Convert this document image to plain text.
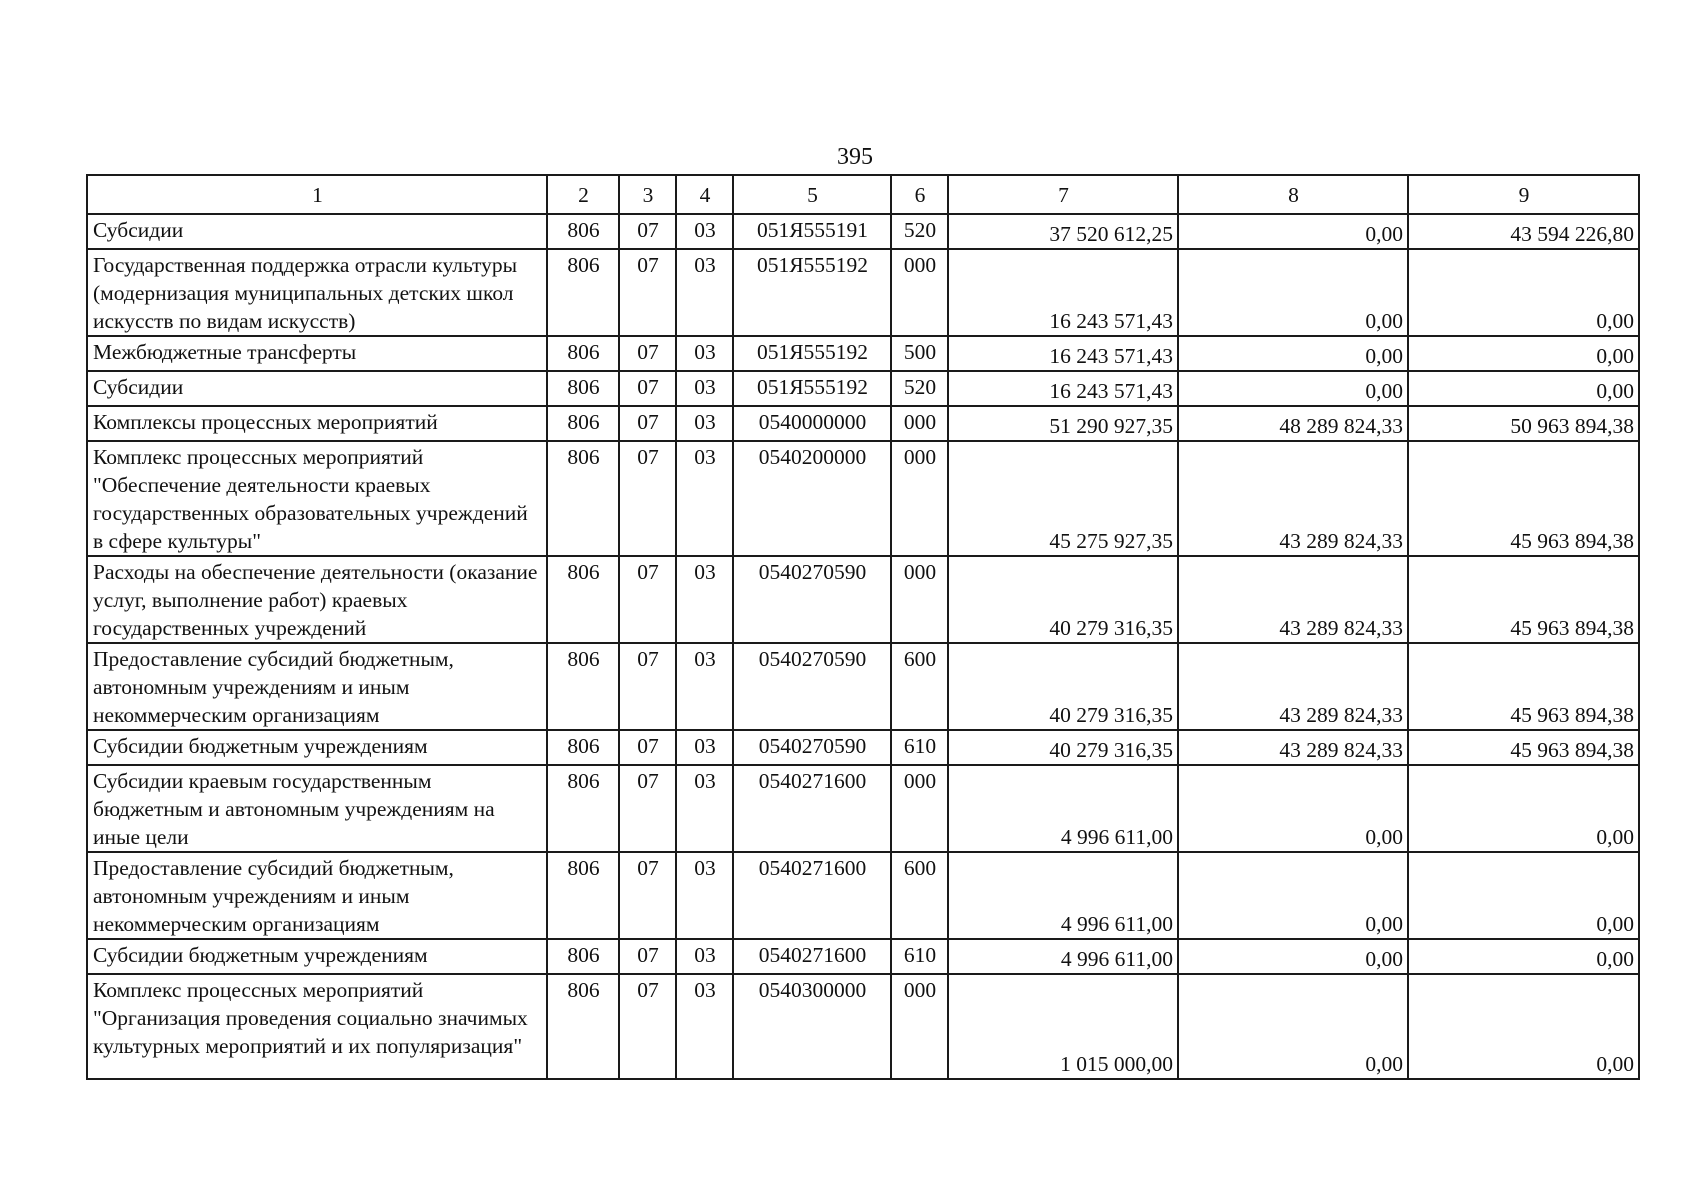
395
1	2	3	4	5	6	7	8	9
Субсидии	806	07	03	051Я555191	520	37 520 612,25	0,00	43 594 226,80
Государственная поддержка отрасли культуры (модернизация муниципальных детских школ искусств по видам искусств)	806	07	03	051Я555192	000	16 243 571,43	0,00	0,00
Межбюджетные трансферты	806	07	03	051Я555192	500	16 243 571,43	0,00	0,00
Субсидии	806	07	03	051Я555192	520	16 243 571,43	0,00	0,00
Комплексы процессных мероприятий	806	07	03	0540000000	000	51 290 927,35	48 289 824,33	50 963 894,38
Комплекс процессных мероприятий "Обеспечение деятельности краевых государственных образовательных учреждений в сфере культуры"	806	07	03	0540200000	000	45 275 927,35	43 289 824,33	45 963 894,38
Расходы на обеспечение деятельности (оказание услуг, выполнение работ) краевых государственных учреждений	806	07	03	0540270590	000	40 279 316,35	43 289 824,33	45 963 894,38
Предоставление субсидий бюджетным, автономным учреждениям и иным некоммерческим организациям	806	07	03	0540270590	600	40 279 316,35	43 289 824,33	45 963 894,38
Субсидии бюджетным учреждениям	806	07	03	0540270590	610	40 279 316,35	43 289 824,33	45 963 894,38
Субсидии краевым государственным бюджетным и автономным учреждениям на иные цели	806	07	03	0540271600	000	4 996 611,00	0,00	0,00
Предоставление субсидий бюджетным, автономным учреждениям и иным некоммерческим организациям	806	07	03	0540271600	600	4 996 611,00	0,00	0,00
Субсидии бюджетным учреждениям	806	07	03	0540271600	610	4 996 611,00	0,00	0,00
Комплекс процессных мероприятий "Организация проведения социально значимых культурных мероприятий и их популяризация"	806	07	03	0540300000	000	1 015 000,00	0,00	0,00
